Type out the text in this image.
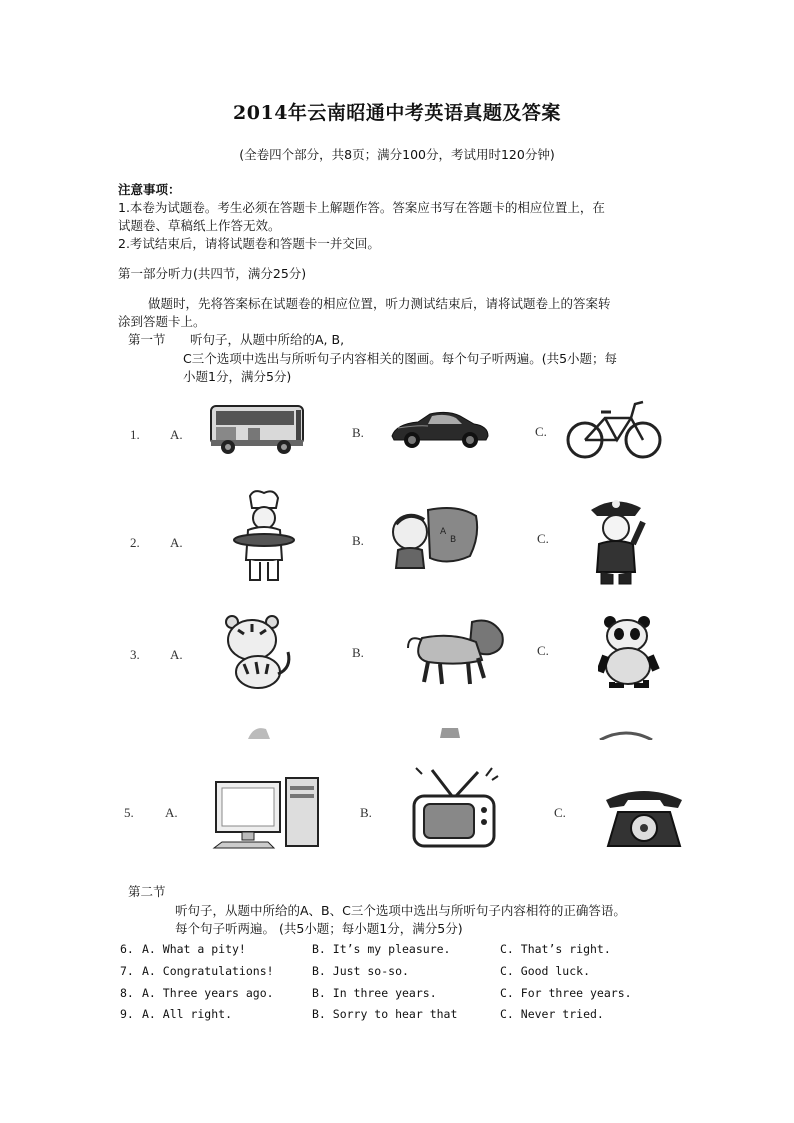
2014年云南昭通中考英语真题及答案
(全卷四个部分，共8页；满分100分，考试用时120分钟)
注意事项：
1.本卷为试题卷。考生必须在答题卡上解题作答。答案应书写在答题卡的相应位置上，在
试题卷、草稿纸上作答无效。
2.考试结束后，请将试题卷和答题卡一并交回。
第一部分听力(共四节，满分25分)
做题时，先将答案标在试题卷的相应位置，听力测试结束后，请将试题卷上的答案转
涂到答题卡上。
第一节 听句子，从题中所给的A, B,
C三个选项中选出与所听句子内容相关的图画。每个句子听两遍。(共5小题；每
小题1分，满分5分)
1. A.	B.	C.
2. A.	B.	C.
A
B
3. A.	B.	C.
5. A.	B.	C.
第二节
听句子，从题中所给的A、B、C三个选项中选出与所听句子内容相符的正确答语。
每个句子听两遍。 (共5小题；每小题1分，满分5分)
6. A. What a pity!	B. It’s my pleasure.	C. That’s right.
7. A. Congratulations!	B. Just so-so.	C. Good luck.
8. A. Three years ago.	B. In three years.	C. For three years.
9. A. All right.	B. Sorry to hear that	C. Never tried.
